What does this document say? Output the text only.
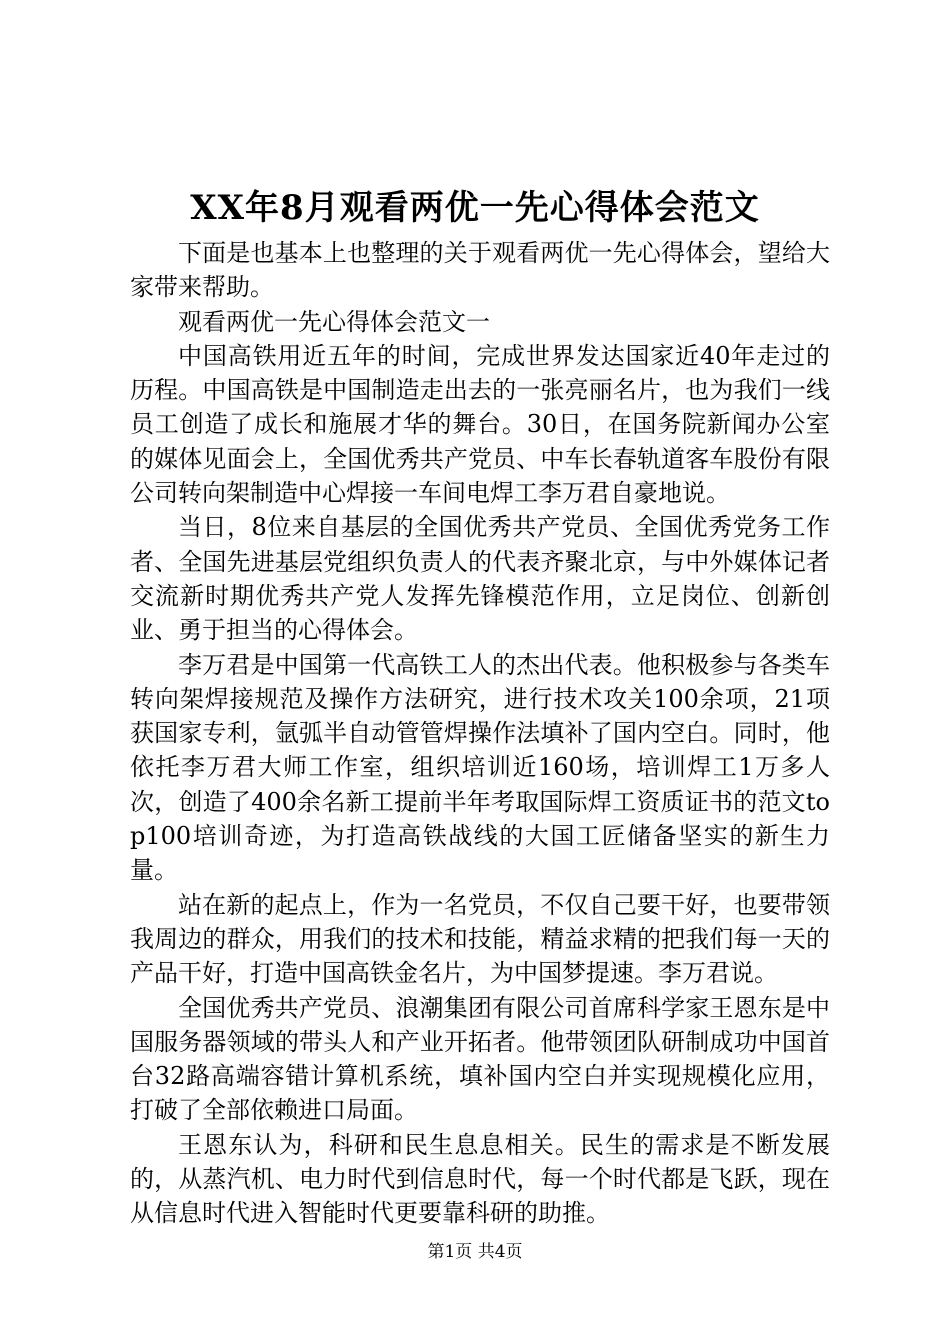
XX年8月观看两优一先心得体会范文

下面是也基本上也整理的关于观看两优一先心得体会，望给大家带来帮助。

观看两优一先心得体会范文一

中国高铁用近五年的时间，完成世界发达国家近40年走过的历程。中国高铁是中国制造走出去的一张亮丽名片，也为我们一线员工创造了成长和施展才华的舞台。30日，在国务院新闻办公室的媒体见面会上，全国优秀共产党员、中车长春轨道客车股份有限公司转向架制造中心焊接一车间电焊工李万君自豪地说。

当日，8位来自基层的全国优秀共产党员、全国优秀党务工作者、全国先进基层党组织负责人的代表齐聚北京，与中外媒体记者交流新时期优秀共产党人发挥先锋模范作用，立足岗位、创新创业、勇于担当的心得体会。

李万君是中国第一代高铁工人的杰出代表。他积极参与各类车转向架焊接规范及操作方法研究，进行技术攻关100余项，21项获国家专利，氩弧半自动管管焊操作法填补了国内空白。同时，他依托李万君大师工作室，组织培训近160场，培训焊工1万多人次，创造了400余名新工提前半年考取国际焊工资质证书的范文top100培训奇迹，为打造高铁战线的大国工匠储备坚实的新生力量。

站在新的起点上，作为一名党员，不仅自己要干好，也要带领我周边的群众，用我们的技术和技能，精益求精的把我们每一天的产品干好，打造中国高铁金名片，为中国梦提速。李万君说。

全国优秀共产党员、浪潮集团有限公司首席科学家王恩东是中国服务器领域的带头人和产业开拓者。他带领团队研制成功中国首台32路高端容错计算机系统，填补国内空白并实现规模化应用，打破了全部依赖进口局面。

王恩东认为，科研和民生息息相关。民生的需求是不断发展的，从蒸汽机、电力时代到信息时代，每一个时代都是飞跃，现在从信息时代进入智能时代更要靠科研的助推。

第1页 共4页
